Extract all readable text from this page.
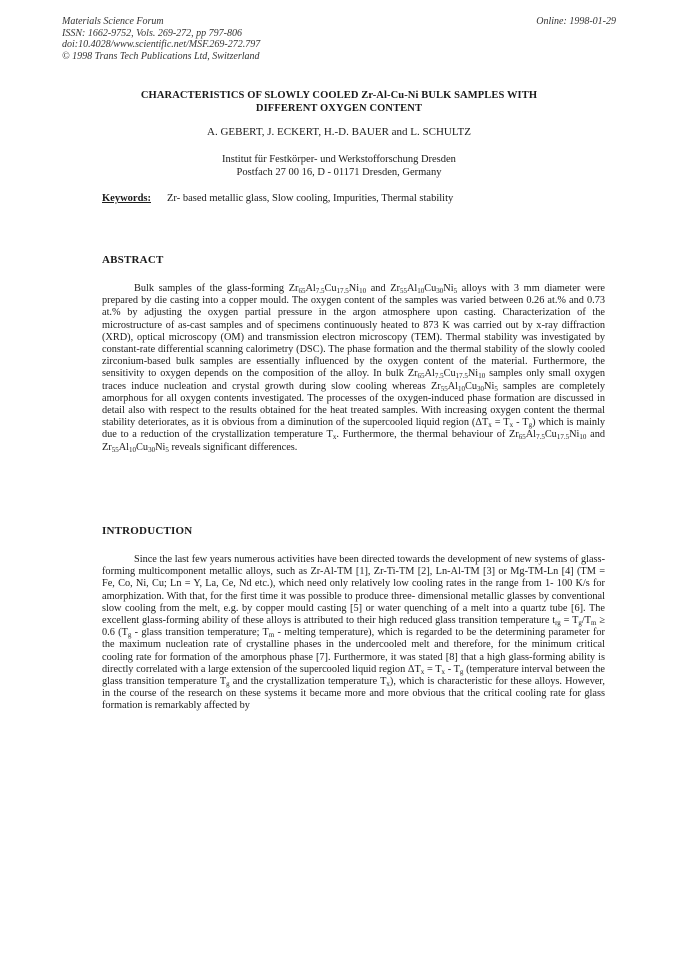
Materials Science Forum
ISSN: 1662-9752, Vols. 269-272, pp 797-806
doi:10.4028/www.scientific.net/MSF.269-272.797
© 1998 Trans Tech Publications Ltd, Switzerland
Online: 1998-01-29
CHARACTERISTICS OF SLOWLY COOLED Zr-Al-Cu-Ni BULK SAMPLES WITH
DIFFERENT OXYGEN CONTENT
A. GEBERT, J. ECKERT, H.-D. BAUER and L. SCHULTZ
Institut für Festkörper- und Werkstofforschung Dresden
Postfach 27 00 16, D - 01171 Dresden, Germany
Keywords: Zr- based metallic glass, Slow cooling, Impurities, Thermal stability
ABSTRACT
Bulk samples of the glass-forming $Zr_{65}Al_{7.5}Cu_{17.5}Ni_{10}$ and $Zr_{55}Al_{10}Cu_{30}Ni_5$ alloys with 3 mm diameter were prepared by die casting into a copper mould. The oxygen content of the samples was varied between 0.26 at.% and 0.73 at.% by adjusting the oxygen partial pressure in the argon atmosphere upon casting. Characterization of the microstructure of as-cast samples and of specimens continuously heated to 873 K was carried out by x-ray diffraction (XRD), optical microscopy (OM) and transmission electron microscopy (TEM). Thermal stability was investigated by constant-rate differential scanning calorimetry (DSC). The phase formation and the thermal stability of the slowly cooled zirconium-based bulk samples are essentially influenced by the oxygen content of the material. Furthermore, the sensitivity to oxygen depends on the composition of the alloy. In bulk $Zr_{65}Al_{7.5}Cu_{17.5}Ni_{10}$ samples only small oxygen traces induce nucleation and crystal growth during slow cooling whereas $Zr_{55}Al_{10}Cu_{30}Ni_5$ samples are completely amorphous for all oxygen contents investigated. The processes of the oxygen-induced phase formation are discussed in detail also with respect to the results obtained for the heat treated samples. With increasing oxygen content the thermal stability deteriorates, as it is obvious from a diminution of the supercooled liquid region $(\Delta T_x = T_x - T_g)$ which is mainly due to a reduction of the crystallization temperature $T_x$. Furthermore, the thermal behaviour of $Zr_{65}Al_{7.5}Cu_{17.5}Ni_{10}$ and $Zr_{55}Al_{10}Cu_{30}Ni_5$ reveals significant differences.
INTRODUCTION
Since the last few years numerous activities have been directed towards the development of new systems of glass-forming multicomponent metallic alloys, such as Zr-Al-TM [1], Zr-Ti-TM [2], Ln-Al-TM [3] or Mg-TM-Ln [4] (TM = Fe, Co, Ni, Cu; Ln = Y, La, Ce, Nd etc.), which need only relatively low cooling rates in the range from 1- 100 K/s for amorphization. With that, for the first time it was possible to produce three- dimensional metallic glasses by conventional slow cooling from the melt, e.g. by copper mould casting [5] or water quenching of a melt into a quartz tube [6]. The excellent glass-forming ability of these alloys is attributed to their high reduced glass transition temperature $t_{rg} = T_g/T_m \ge 0.6$ ($T_g$ - glass transition temperature; $T_m$ - melting temperature), which is regarded to be the determining parameter for the maximum nucleation rate of crystalline phases in the undercooled melt and therefore, for the minimum critical cooling rate for formation of the amorphous phase [7]. Furthermore, it was stated [8] that a high glass-forming ability is directly correlated with a large extension of the supercooled liquid region $\Delta T_x = T_x - T_g$ (temperature interval between the glass transition temperature $T_g$ and the crystallization temperature $T_x$), which is characteristic for these alloys. However, in the course of the research on these systems it became more and more obvious that the critical cooling rate for glass formation is remarkably affected by
